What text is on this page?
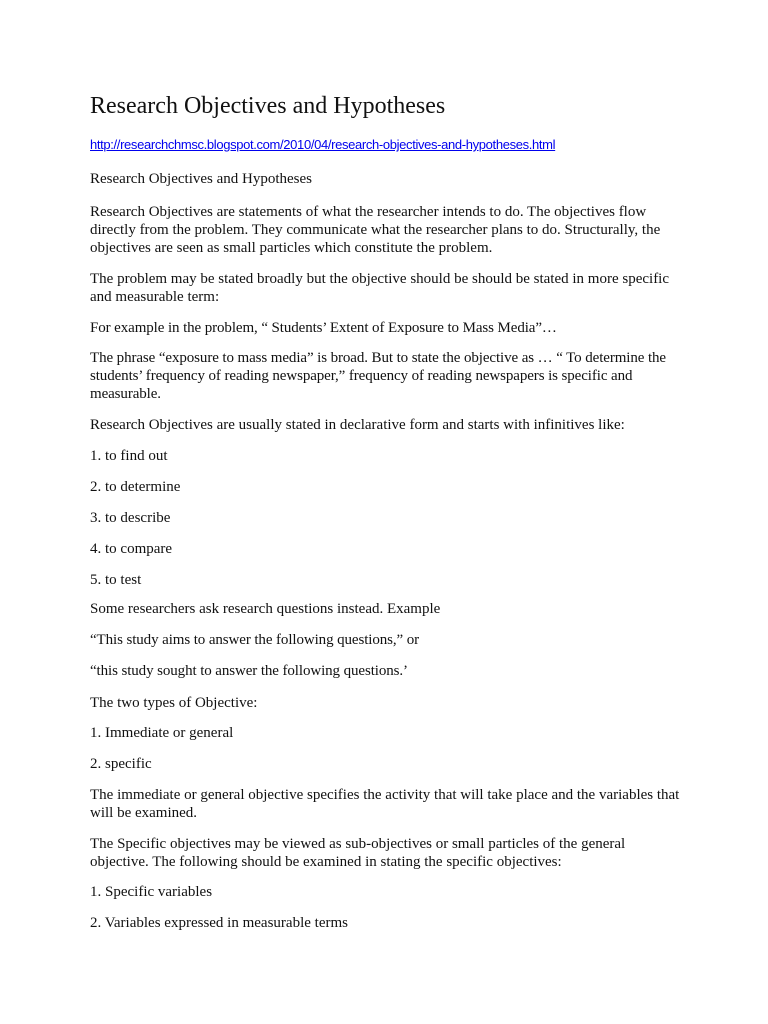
Research Objectives and Hypotheses
http://researchchmsc.blogspot.com/2010/04/research-objectives-and-hypotheses.html

Research Objectives and Hypotheses

Research Objectives are statements of what the researcher intends to do. The objectives flow directly from the problem. They communicate what the researcher plans to do. Structurally, the objectives are seen as small particles which constitute the problem.

The problem may be stated broadly but the objective should be should be stated in more specific and measurable term:

For example in the problem, “ Students’ Extent of Exposure to Mass Media”…

The phrase “exposure to mass media” is broad. But to state the objective as … “ To determine the students’ frequency of reading newspaper,” frequency of reading newspapers is specific and measurable.

Research Objectives are usually stated in declarative form and starts with infinitives like:

1. to find out

2. to determine

3. to describe

4. to compare

5. to test

Some researchers ask research questions instead. Example

“This study aims to answer the following questions,” or

“this study sought to answer the following questions.’

The two types of Objective:

1. Immediate or general

2. specific

The immediate or general objective specifies the activity that will take place and the variables that will be examined.

The Specific objectives may be viewed as sub-objectives or small particles of the general objective. The following should be examined in stating the specific objectives:

1. Specific variables

2. Variables expressed in measurable terms
